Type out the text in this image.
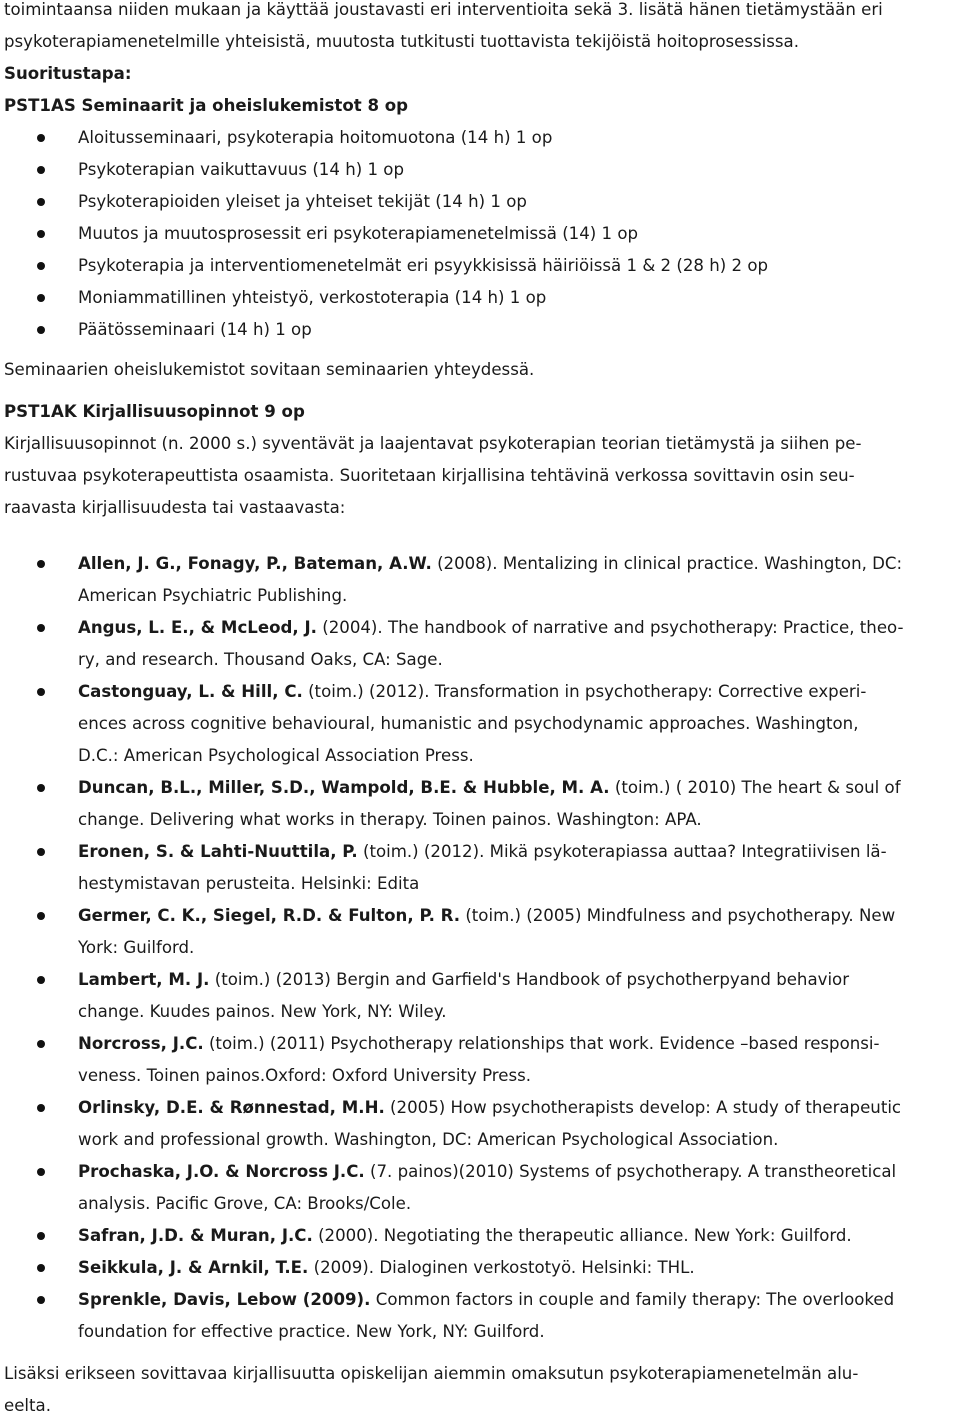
toimintaansa niiden mukaan ja käyttää joustavasti eri interventioita sekä 3. lisätä hänen tietämystään eri

psykoterapiamenetelmille yhteisistä, muutosta tutkitusti tuottavista tekijöistä hoitoprosessissa.

Suoritustapa:

PST1AS Seminaarit ja oheislukemistot 8 op

Aloitusseminaari, psykoterapia hoitomuotona (14 h) 1 op
Psykoterapian vaikuttavuus (14 h) 1 op
Psykoterapioiden yleiset ja yhteiset tekijät (14 h) 1 op
Muutos ja muutosprosessit eri psykoterapiamenetelmissä (14) 1 op
Psykoterapia ja interventiomenetelmät eri psyykkisissä häiriöissä 1 & 2 (28 h) 2 op
Moniammatillinen yhteistyö, verkostoterapia (14 h) 1 op
Päätösseminaari (14 h) 1 op

Seminaarien oheislukemistot sovitaan seminaarien yhteydessä.

PST1AK Kirjallisuusopinnot 9 op

Kirjallisuusopinnot (n. 2000 s.) syventävät ja laajentavat psykoterapian teorian tietämystä ja siihen pe-

rustuvaa psykoterapeuttista osaamista. Suoritetaan kirjallisina tehtävinä verkossa sovittavin osin seu-

raavasta kirjallisuudesta tai vastaavasta:

Allen, J. G., Fonagy, P., Bateman, A.W. (2008). Mentalizing in clinical practice. Washington, DC:
American Psychiatric Publishing.
Angus, L. E., & McLeod, J. (2004). The handbook of narrative and psychotherapy: Practice, theo-
ry, and research. Thousand Oaks, CA: Sage.
Castonguay, L. & Hill, C. (toim.) (2012). Transformation in psychotherapy: Corrective experi-
ences across cognitive behavioural, humanistic and psychodynamic approaches. Washington,
D.C.: American Psychological Association Press.
Duncan, B.L., Miller, S.D., Wampold, B.E. & Hubble, M. A. (toim.) ( 2010) The heart & soul of
change. Delivering what works in therapy. Toinen painos. Washington: APA.
Eronen, S. & Lahti-Nuuttila, P. (toim.) (2012). Mikä psykoterapiassa auttaa? Integratiivisen lä-
hestymistavan perusteita. Helsinki: Edita
Germer, C. K., Siegel, R.D. & Fulton, P. R. (toim.) (2005) Mindfulness and psychotherapy. New
York: Guilford.
Lambert, M. J. (toim.) (2013) Bergin and Garfield's Handbook of psychotherpyand behavior
change. Kuudes painos. New York, NY: Wiley.
Norcross, J.C. (toim.) (2011) Psychotherapy relationships that work. Evidence –based responsi-
veness. Toinen painos.Oxford: Oxford University Press.
Orlinsky, D.E. & Rønnestad, M.H. (2005) How psychotherapists develop: A study of therapeutic
work and professional growth. Washington, DC: American Psychological Association.
Prochaska, J.O. & Norcross J.C. (7. painos)(2010) Systems of psychotherapy. A transtheoretical
analysis. Pacific Grove, CA: Brooks/Cole.
Safran, J.D. & Muran, J.C. (2000). Negotiating the therapeutic alliance. New York: Guilford.
Seikkula, J. & Arnkil, T.E. (2009). Dialoginen verkostotyö. Helsinki: THL.
Sprenkle, Davis, Lebow (2009). Common factors in couple and family therapy: The overlooked
foundation for effective practice. New York, NY: Guilford.

Lisäksi erikseen sovittavaa kirjallisuutta opiskelijan aiemmin omaksutun psykoterapiamenetelmän alu-

eelta.
